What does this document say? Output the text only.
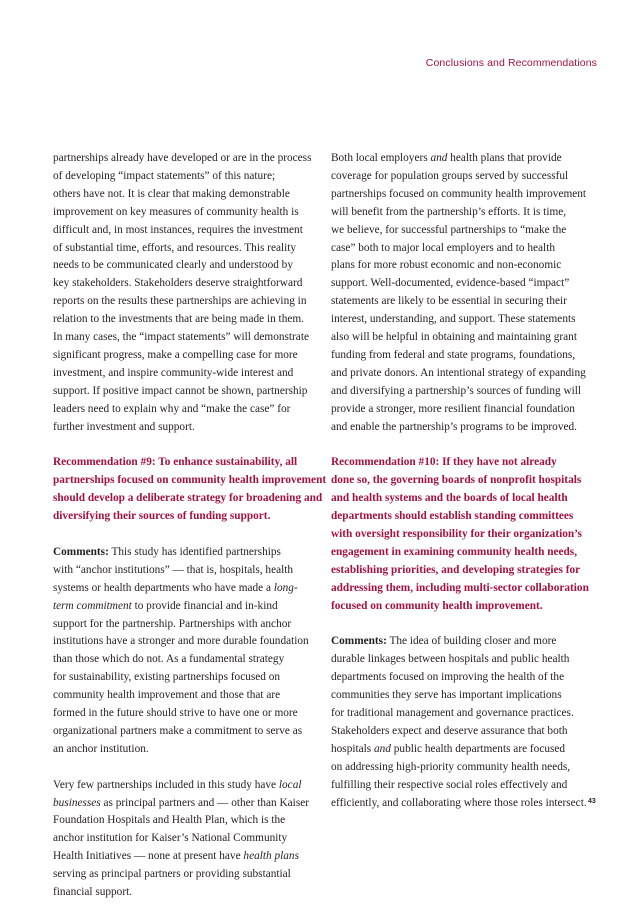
Conclusions and Recommendations

partnerships already have developed or are in the process
of developing “impact statements” of this nature;
others have not. It is clear that making demonstrable
improvement on key measures of community health is
difficult and, in most instances, requires the investment
of substantial time, efforts, and resources. This reality
needs to be communicated clearly and understood by
key stakeholders. Stakeholders deserve straightforward
reports on the results these partnerships are achieving in
relation to the investments that are being made in them.
In many cases, the “impact statements” will demonstrate
significant progress, make a compelling case for more
investment, and inspire community-wide interest and
support. If positive impact cannot be shown, partnership
leaders need to explain why and “make the case” for
further investment and support.

Recommendation #9: To enhance sustainability, all
partnerships focused on community health improvement
should develop a deliberate strategy for broadening and
diversifying their sources of funding support.

Comments: This study has identified partnerships
with “anchor institutions” — that is, hospitals, health
systems or health departments who have made a long-
term commitment to provide financial and in-kind
support for the partnership. Partnerships with anchor
institutions have a stronger and more durable foundation
than those which do not. As a fundamental strategy
for sustainability, existing partnerships focused on
community health improvement and those that are
formed in the future should strive to have one or more
organizational partners make a commitment to serve as
an anchor institution.

Very few partnerships included in this study have local
businesses as principal partners and — other than Kaiser
Foundation Hospitals and Health Plan, which is the
anchor institution for Kaiser’s National Community
Health Initiatives — none at present have health plans
serving as principal partners or providing substantial
financial support.

Both local employers and health plans that provide
coverage for population groups served by successful
partnerships focused on community health improvement
will benefit from the partnership’s efforts. It is time,
we believe, for successful partnerships to “make the
case” both to major local employers and to health
plans for more robust economic and non-economic
support. Well-documented, evidence-based “impact”
statements are likely to be essential in securing their
interest, understanding, and support. These statements
also will be helpful in obtaining and maintaining grant
funding from federal and state programs, foundations,
and private donors. An intentional strategy of expanding
and diversifying a partnership’s sources of funding will
provide a stronger, more resilient financial foundation
and enable the partnership’s programs to be improved.

Recommendation #10: If they have not already
done so, the governing boards of nonprofit hospitals
and health systems and the boards of local health
departments should establish standing committees
with oversight responsibility for their organization’s
engagement in examining community health needs,
establishing priorities, and developing strategies for
addressing them, including multi-sector collaboration
focused on community health improvement.

Comments: The idea of building closer and more
durable linkages between hospitals and public health
departments focused on improving the health of the
communities they serve has important implications
for traditional management and governance practices.
Stakeholders expect and deserve assurance that both
hospitals and public health departments are focused
on addressing high-priority community health needs,
fulfilling their respective social roles effectively and
efficiently, and collaborating where those roles intersect. 43
